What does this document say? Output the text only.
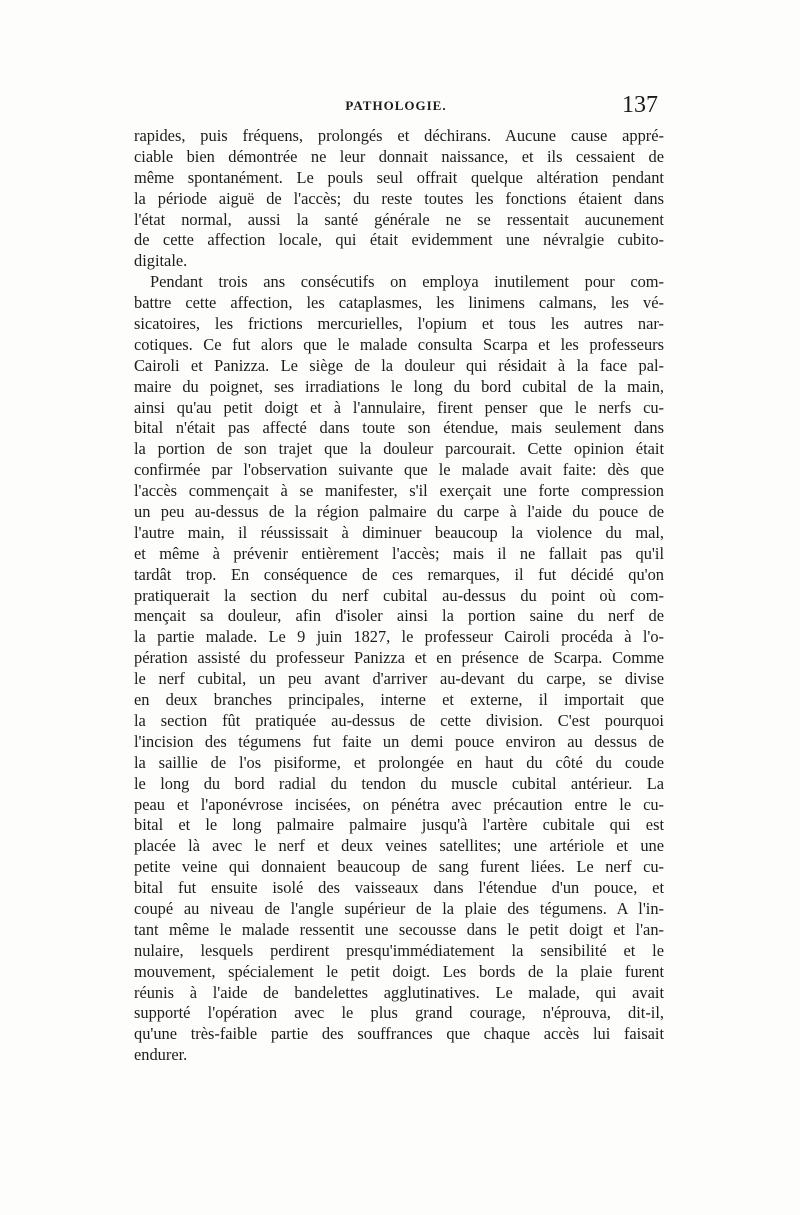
PATHOLOGIE.	137
rapides, puis fréquens, prolongés et déchirans. Aucune cause appré-
ciable bien démontrée ne leur donnait naissance, et ils cessaient de
même spontanément. Le pouls seul offrait quelque altération pendant
la période aiguë de l'accès; du reste toutes les fonctions étaient dans
l'état normal, aussi la santé générale ne se ressentait aucunement
de cette affection locale, qui était evidemment une névralgie cubito-
digitale.
Pendant trois ans consécutifs on employa inutilement pour com-
battre cette affection, les cataplasmes, les linimens calmans, les vé-
sicatoires, les frictions mercurielles, l'opium et tous les autres nar-
cotiques. Ce fut alors que le malade consulta Scarpa et les professeurs
Cairoli et Panizza. Le siège de la douleur qui résidait à la face pal-
maire du poignet, ses irradiations le long du bord cubital de la main,
ainsi qu'au petit doigt et à l'annulaire, firent penser que le nerfs cu-
bital n'était pas affecté dans toute son étendue, mais seulement dans
la portion de son trajet que la douleur parcourait. Cette opinion était
confirmée par l'observation suivante que le malade avait faite: dès que
l'accès commençait à se manifester, s'il exerçait une forte compression
un peu au-dessus de la région palmaire du carpe à l'aide du pouce de
l'autre main, il réussissait à diminuer beaucoup la violence du mal,
et même à prévenir entièrement l'accès; mais il ne fallait pas qu'il
tardât trop. En conséquence de ces remarques, il fut décidé qu'on
pratiquerait la section du nerf cubital au-dessus du point où com-
mençait sa douleur, afin d'isoler ainsi la portion saine du nerf de
la partie malade. Le 9 juin 1827, le professeur Cairoli procéda à l'o-
pération assisté du professeur Panizza et en présence de Scarpa. Comme
le nerf cubital, un peu avant d'arriver au-devant du carpe, se divise
en deux branches principales, interne et externe, il importait que
la section fût pratiquée au-dessus de cette division. C'est pourquoi
l'incision des tégumens fut faite un demi pouce environ au dessus de
la saillie de l'os pisiforme, et prolongée en haut du côté du coude
le long du bord radial du tendon du muscle cubital antérieur. La
peau et l'aponévrose incisées, on pénétra avec précaution entre le cu-
bital et le long palmaire palmaire jusqu'à l'artère cubitale qui est
placée là avec le nerf et deux veines satellites; une artériole et une
petite veine qui donnaient beaucoup de sang furent liées. Le nerf cu-
bital fut ensuite isolé des vaisseaux dans l'étendue d'un pouce, et
coupé au niveau de l'angle supérieur de la plaie des tégumens. A l'in-
tant même le malade ressentit une secousse dans le petit doigt et l'an-
nulaire, lesquels perdirent presqu'immédiatement la sensibilité et le
mouvement, spécialement le petit doigt. Les bords de la plaie furent
réunis à l'aide de bandelettes agglutinatives. Le malade, qui avait
supporté l'opération avec le plus grand courage, n'éprouva, dit-il,
qu'une très-faible partie des souffrances que chaque accès lui faisait
endurer.
